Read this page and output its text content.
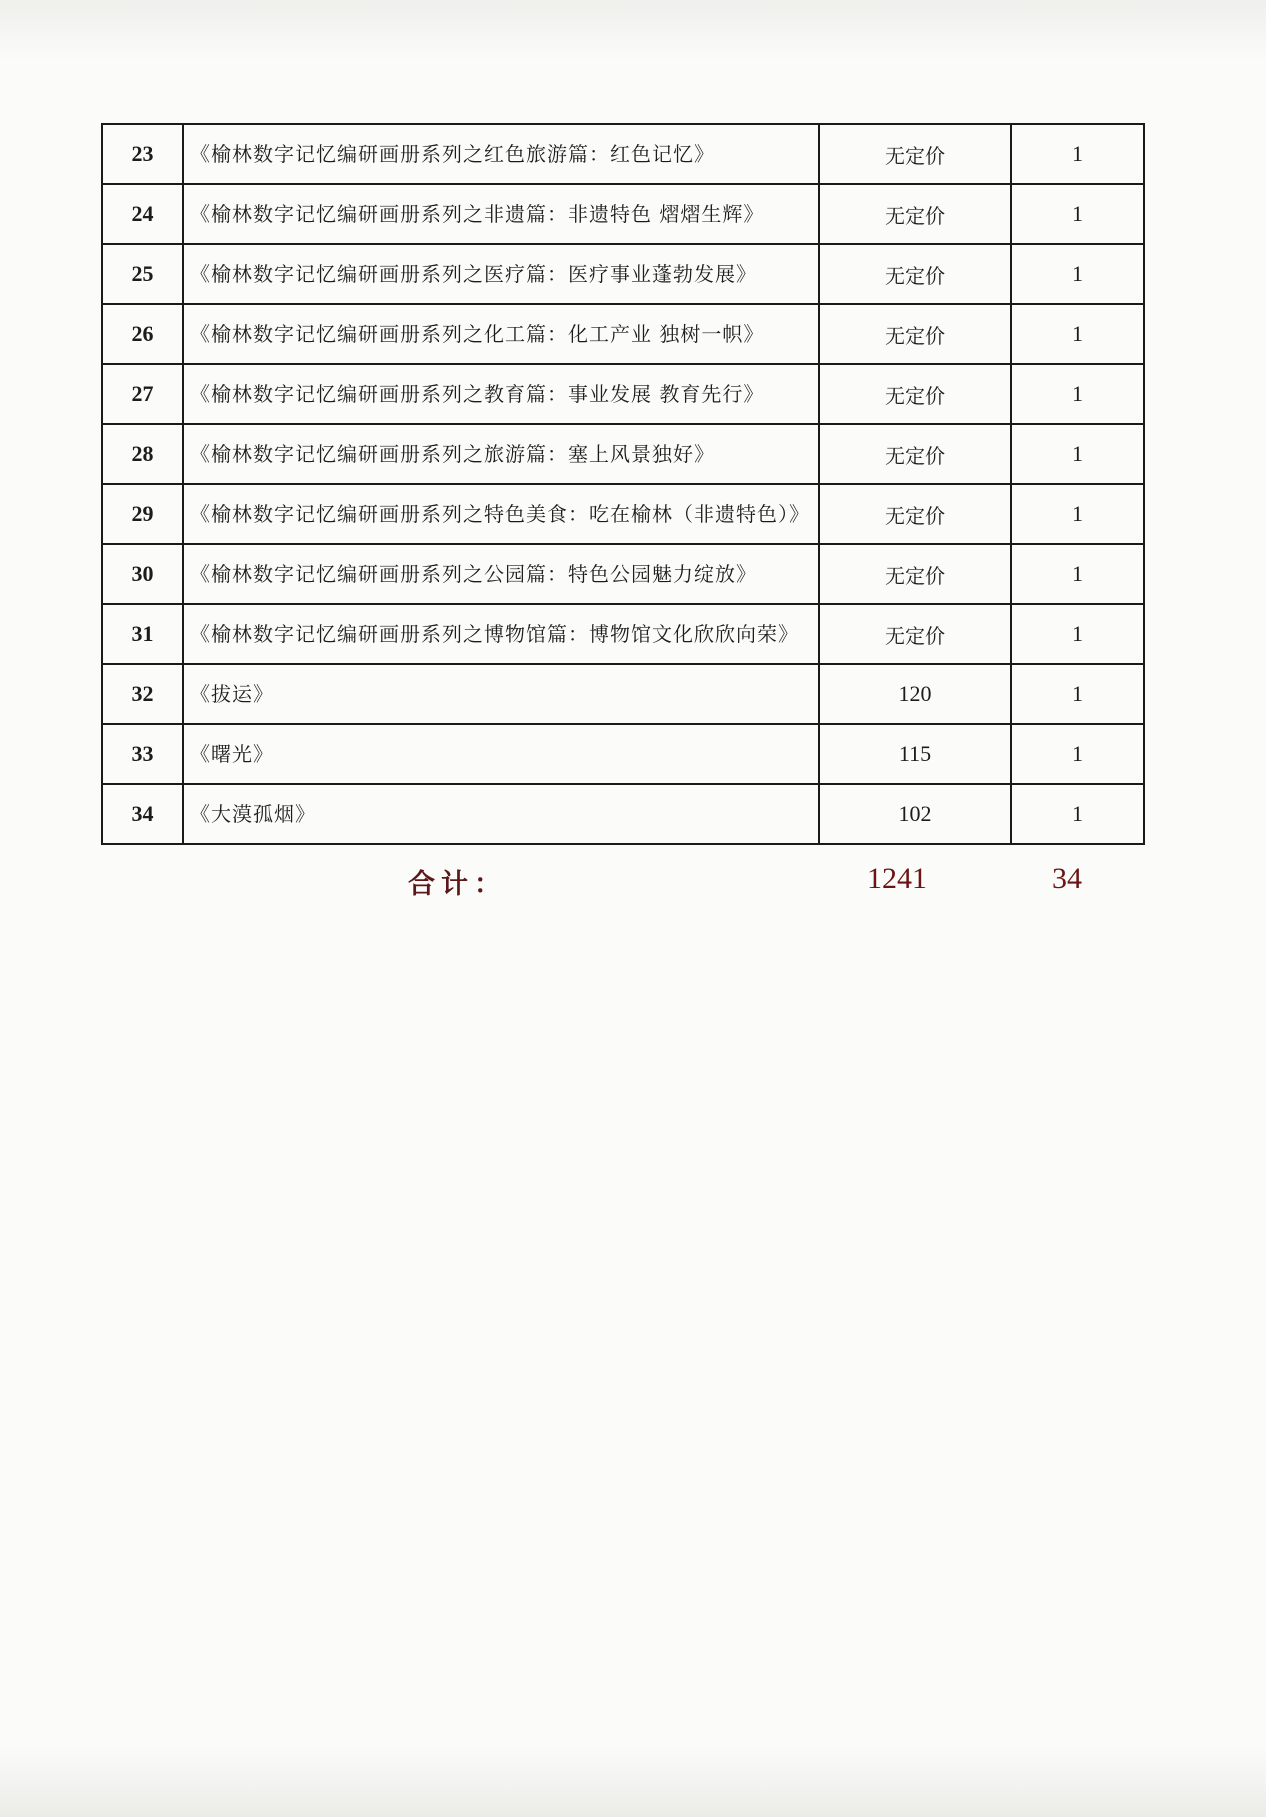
23	《榆林数字记忆编研画册系列之红色旅游篇：红色记忆》	无定价	1
24	《榆林数字记忆编研画册系列之非遗篇：非遗特色 熠熠生辉》	无定价	1
25	《榆林数字记忆编研画册系列之医疗篇：医疗事业蓬勃发展》	无定价	1
26	《榆林数字记忆编研画册系列之化工篇：化工产业 独树一帜》	无定价	1
27	《榆林数字记忆编研画册系列之教育篇：事业发展 教育先行》	无定价	1
28	《榆林数字记忆编研画册系列之旅游篇：塞上风景独好》	无定价	1
29	《榆林数字记忆编研画册系列之特色美食：吃在榆林（非遗特色）》	无定价	1
30	《榆林数字记忆编研画册系列之公园篇：特色公园魅力绽放》	无定价	1
31	《榆林数字记忆编研画册系列之博物馆篇：博物馆文化欣欣向荣》	无定价	1
32	《拔运》	120	1
33	《曙光》	115	1
34	《大漠孤烟》	102	1
合计：	1241	34
